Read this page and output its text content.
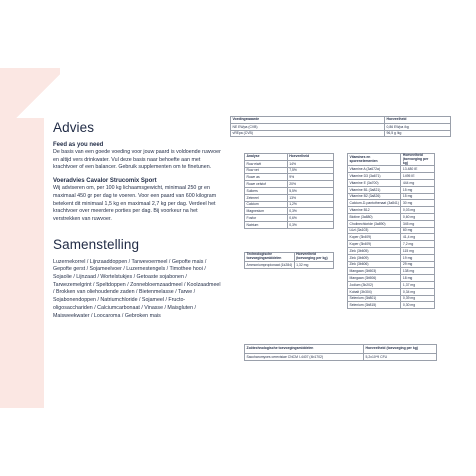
Advies
Feed as you need

De basis van een goede voeding voor jouw paard is voldoende ruwvoer en altijd vers drinkwater. Vul deze basis naar behoefte aan met krachtvoer of een balancer. Gebruik supplementen om te finetunen.

Voeradvies Cavalor Strucomix Sport

Wij adviseren om, per 100 kg lichaamsgewicht, minimaal 250 gr en maximaal 450 gr per dag te voeren. Voor een paard van 600 kilogram betekent dit minimaal 1,5 kg en maximaal 2,7 kg per dag. Verdeel het krachtvoer over meerdere porties per dag. Bij voorkeur na het verstrekken van ruwvoer.

Samenstelling

Luzernekorrel / Lijnzaaddoppen / Tarwevoermeel / Gepofte mais / Gepofte gerst / Sojameelvoer / Luzernestengels / Timothee hooi / Sojaolie / Lijnzaad / Wortelstukjes / Getoaste sojabonen / Tarwezemelgrint / Speltdoppen / Zonnebloemzaadmeel / Koolzaadmeel / Brokken van oliehoudende zaden / Bietenmelasse / Tarwe / Sojabonendoppen / Natriumchloride / Sojameel / Fructo-oligosacchariden / Calciumcarbonaat / Vinasse / Maisgluten / Maisweekwater / Loocaroma / Gebroken mais

Voedingswaarde	Hoeveelheid
NE EWpa (CVB)	0,86 EWpa /kg
vREpa (CVB)	96,5 g /kg
Analyse	Hoeveelheid
Ruw eiwit	14%
Ruw vet	7,5%
Ruwe as	9%
Ruwe celstof	20%
Suikers	5,5%
Zetmeel	13%
Calcium	1,2%
Magnesium	0,3%
Fosfor	0,6%
Natrium	0,3%
Technologische toevoegingsmiddelen	Hoeveelheid (toevoeging per kg)
Ammoniumpropionaat (1k284)	1,32 mg
Vitamines en sporenelementen	Hoeveelheid (toevoeging per kg)
Vitamine A (3a672a)	13.480 IE
Vitamine D3 (3a671)	1495 IE
Vitamine E (3a700)	444 mg
Vitamine B1 (3a821)	15 mg
Vitamine B2 (3a826)	15 mg
Calcium-D-pantothenaat (3a841)	30 mg
Vitamine B12	0,03 mg
Biotine (3a880)	0,60 mg
Cholinechloride (3a890)	345 mg
Lüzi (3a103)	60 mg
Koper (3b409)	41,4 mg
Koper (3b409)	7,2 mg
Zink (3b605)	115 mg
Zink (3b609)	19 mg
Zink (3b606)	29 mg
Mangaan (3b503)	138 mg
Mangaan (3b506)	18 mg
Jodium (3b202)	1,37 mg
Kobalt (3b304)	0,34 mg
Selenium (3b801)	0,39 mg
Selenium (3b815)	0,30 mg
Zoötechnologische toevoegingsmiddelen	Hoeveelheid (toevoeging per kg)
Saccharomyces cerevisiae CNCM I-4407 (4b1702)	5,2x10^9 CFU
